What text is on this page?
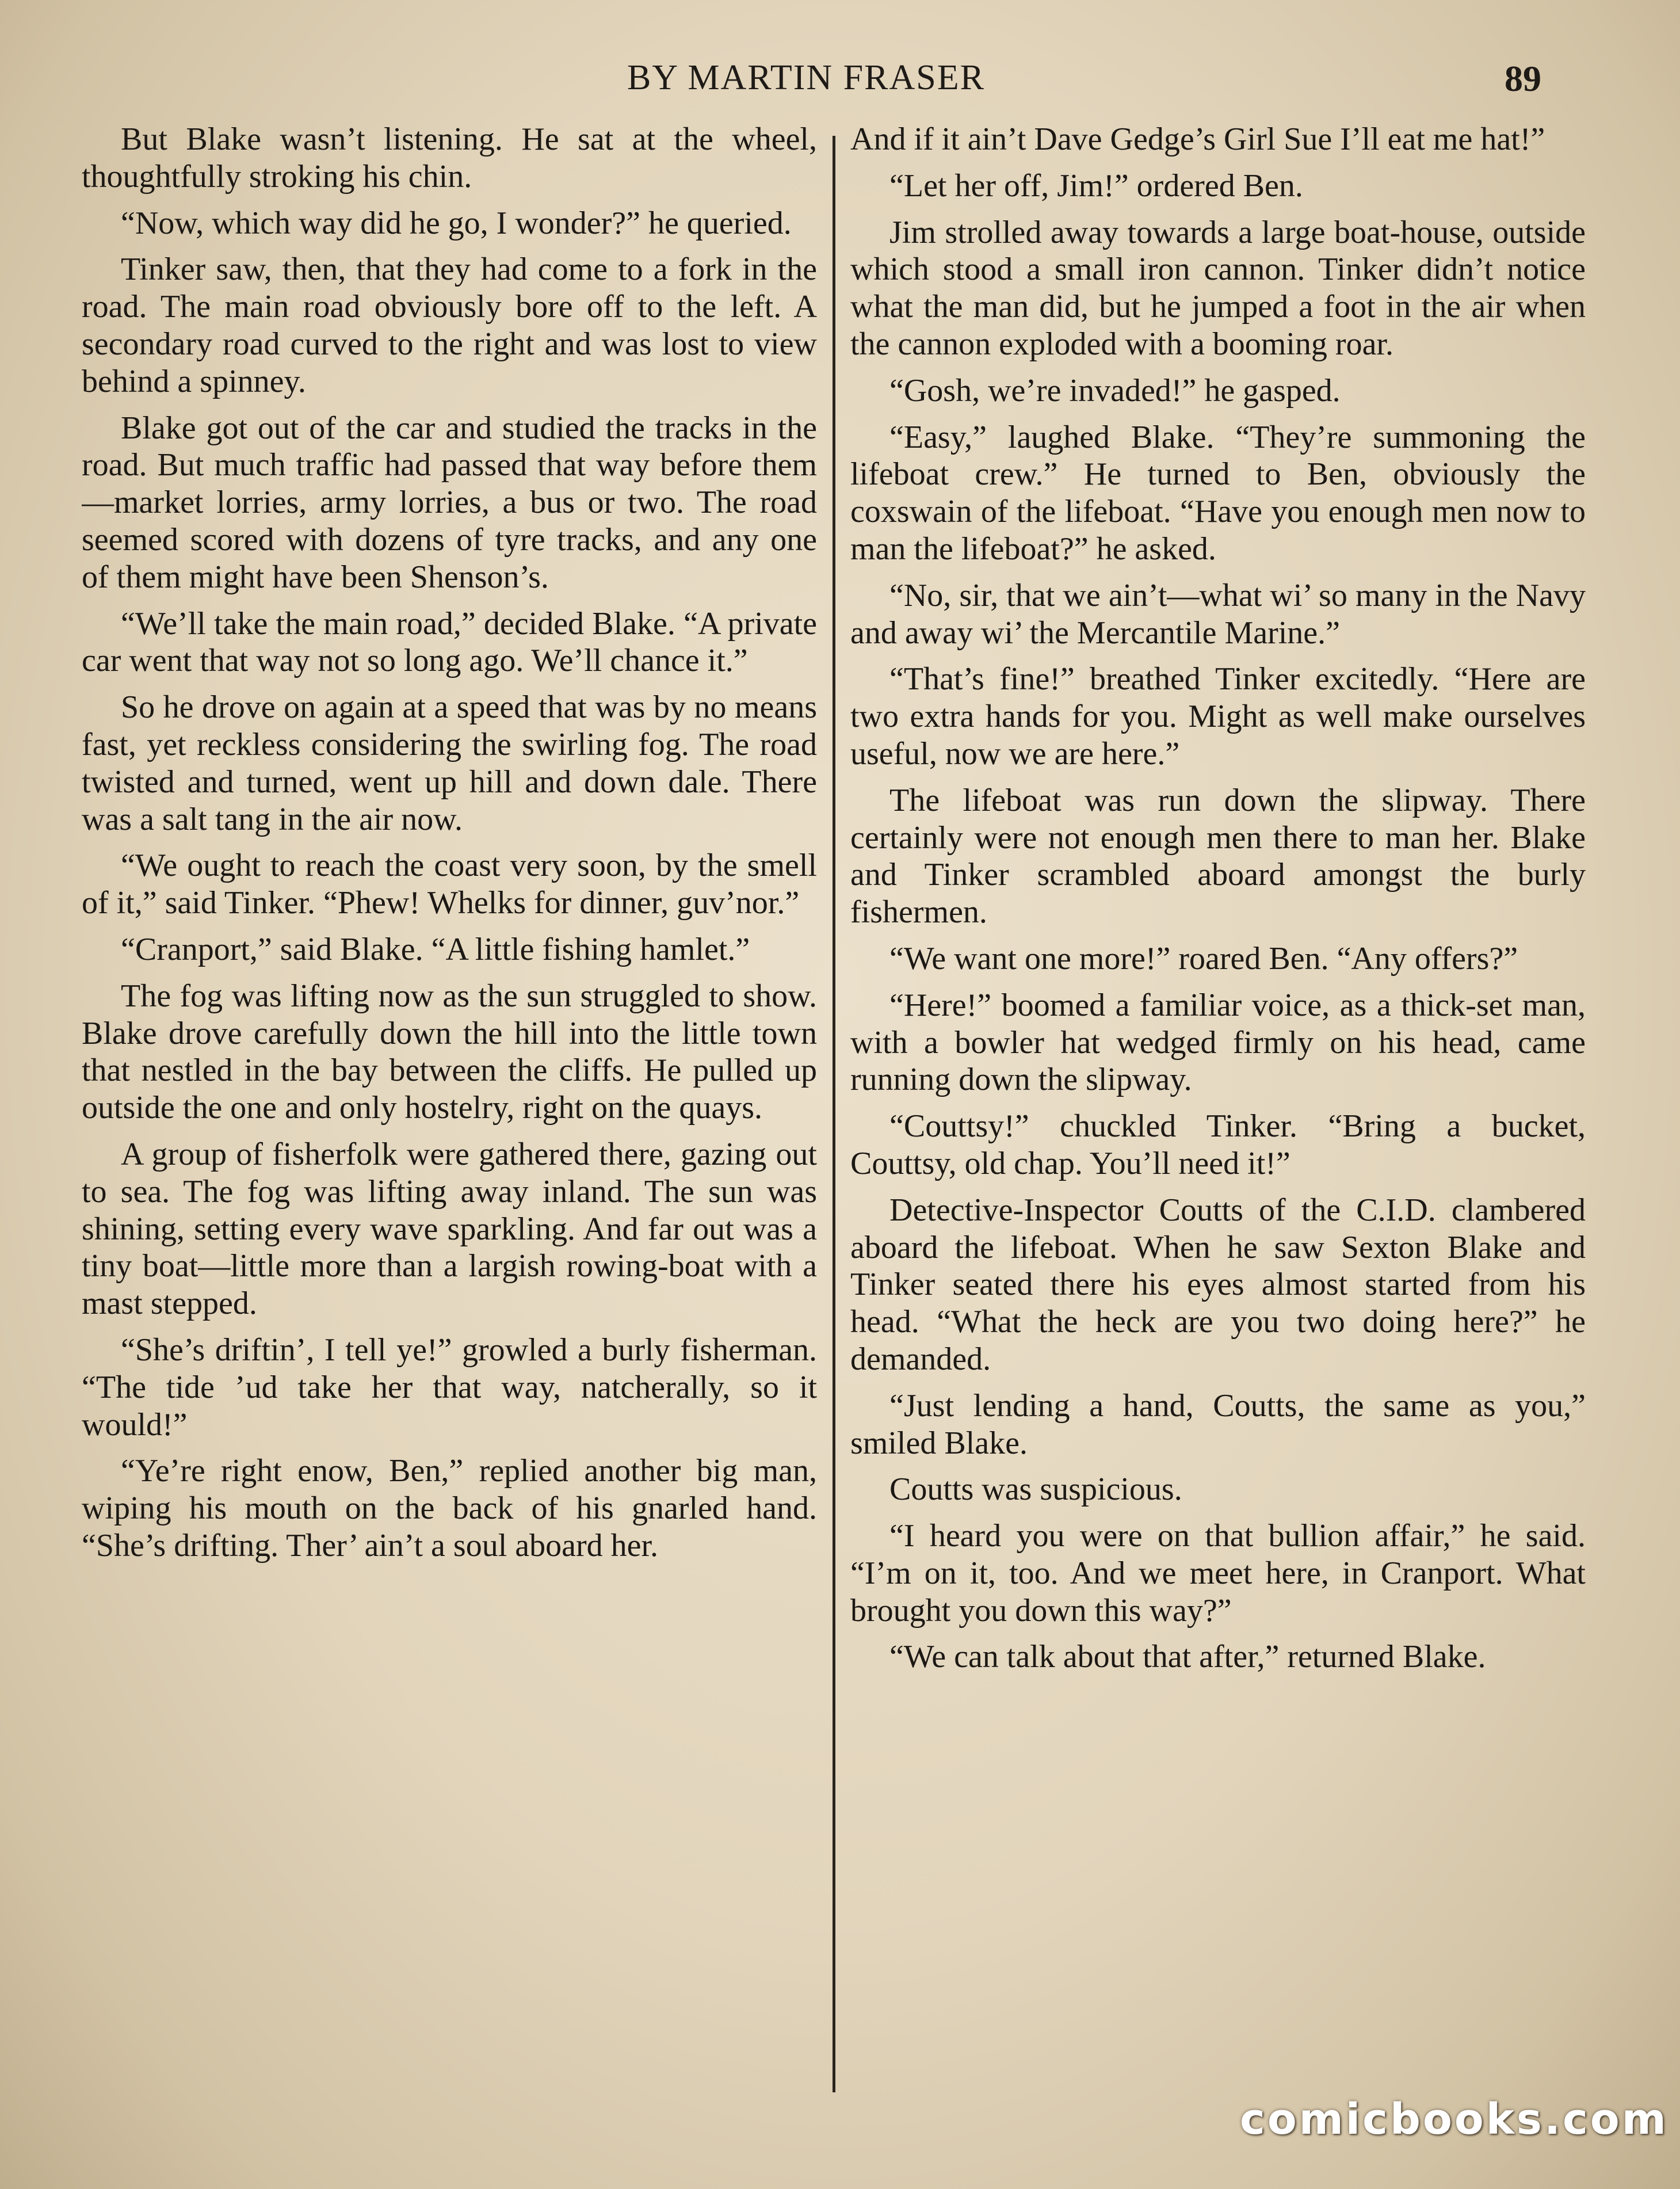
BY MARTIN FRASER	89

But Blake wasn’t listening. He sat at the wheel, thoughtfully stroking his chin.

“Now, which way did he go, I wonder?” he queried.

Tinker saw, then, that they had come to a fork in the road. The main road obviously bore off to the left. A secondary road curved to the right and was lost to view behind a spinney.

Blake got out of the car and studied the tracks in the road. But much traffic had passed that way before them—market lorries, army lorries, a bus or two. The road seemed scored with dozens of tyre tracks, and any one of them might have been Shenson’s.

“We’ll take the main road,” decided Blake. “A private car went that way not so long ago. We’ll chance it.”

So he drove on again at a speed that was by no means fast, yet reckless considering the swirling fog. The road twisted and turned, went up hill and down dale. There was a salt tang in the air now.

“We ought to reach the coast very soon, by the smell of it,” said Tinker. “Phew! Whelks for dinner, guv’nor.”

“Cranport,” said Blake. “A little fishing hamlet.”

The fog was lifting now as the sun struggled to show. Blake drove carefully down the hill into the little town that nestled in the bay between the cliffs. He pulled up outside the one and only hostelry, right on the quays.

A group of fisherfolk were gathered there, gazing out to sea. The fog was lifting away inland. The sun was shining, setting every wave sparkling. And far out was a tiny boat—little more than a largish rowing-boat with a mast stepped.

“She’s driftin’, I tell ye!” growled a burly fisherman. “The tide ’ud take her that way, natcherally, so it would!”

“Ye’re right enow, Ben,” replied another big man, wiping his mouth on the back of his gnarled hand. “She’s drifting. Ther’ ain’t a soul aboard her.

And if it ain’t Dave Gedge’s Girl Sue I’ll eat me hat!”

“Let her off, Jim!” ordered Ben.

Jim strolled away towards a large boat-house, outside which stood a small iron cannon. Tinker didn’t notice what the man did, but he jumped a foot in the air when the cannon exploded with a booming roar.

“Gosh, we’re invaded!” he gasped.

“Easy,” laughed Blake. “They’re summoning the lifeboat crew.” He turned to Ben, obviously the coxswain of the lifeboat. “Have you enough men now to man the lifeboat?” he asked.

“No, sir, that we ain’t—what wi’ so many in the Navy and away wi’ the Mercantile Marine.”

“That’s fine!” breathed Tinker excitedly. “Here are two extra hands for you. Might as well make ourselves useful, now we are here.”

The lifeboat was run down the slipway. There certainly were not enough men there to man her. Blake and Tinker scrambled aboard amongst the burly fishermen.

“We want one more!” roared Ben. “Any offers?”

“Here!” boomed a familiar voice, as a thick-set man, with a bowler hat wedged firmly on his head, came running down the slipway.

“Couttsy!” chuckled Tinker. “Bring a bucket, Couttsy, old chap. You’ll need it!”

Detective-Inspector Coutts of the C.I.D. clambered aboard the lifeboat. When he saw Sexton Blake and Tinker seated there his eyes almost started from his head. “What the heck are you two doing here?” he demanded.

“Just lending a hand, Coutts, the same as you,” smiled Blake.

Coutts was suspicious.

“I heard you were on that bullion affair,” he said. “I’m on it, too. And we meet here, in Cranport. What brought you down this way?”

“We can talk about that after,” returned Blake.

comicbooks.com
